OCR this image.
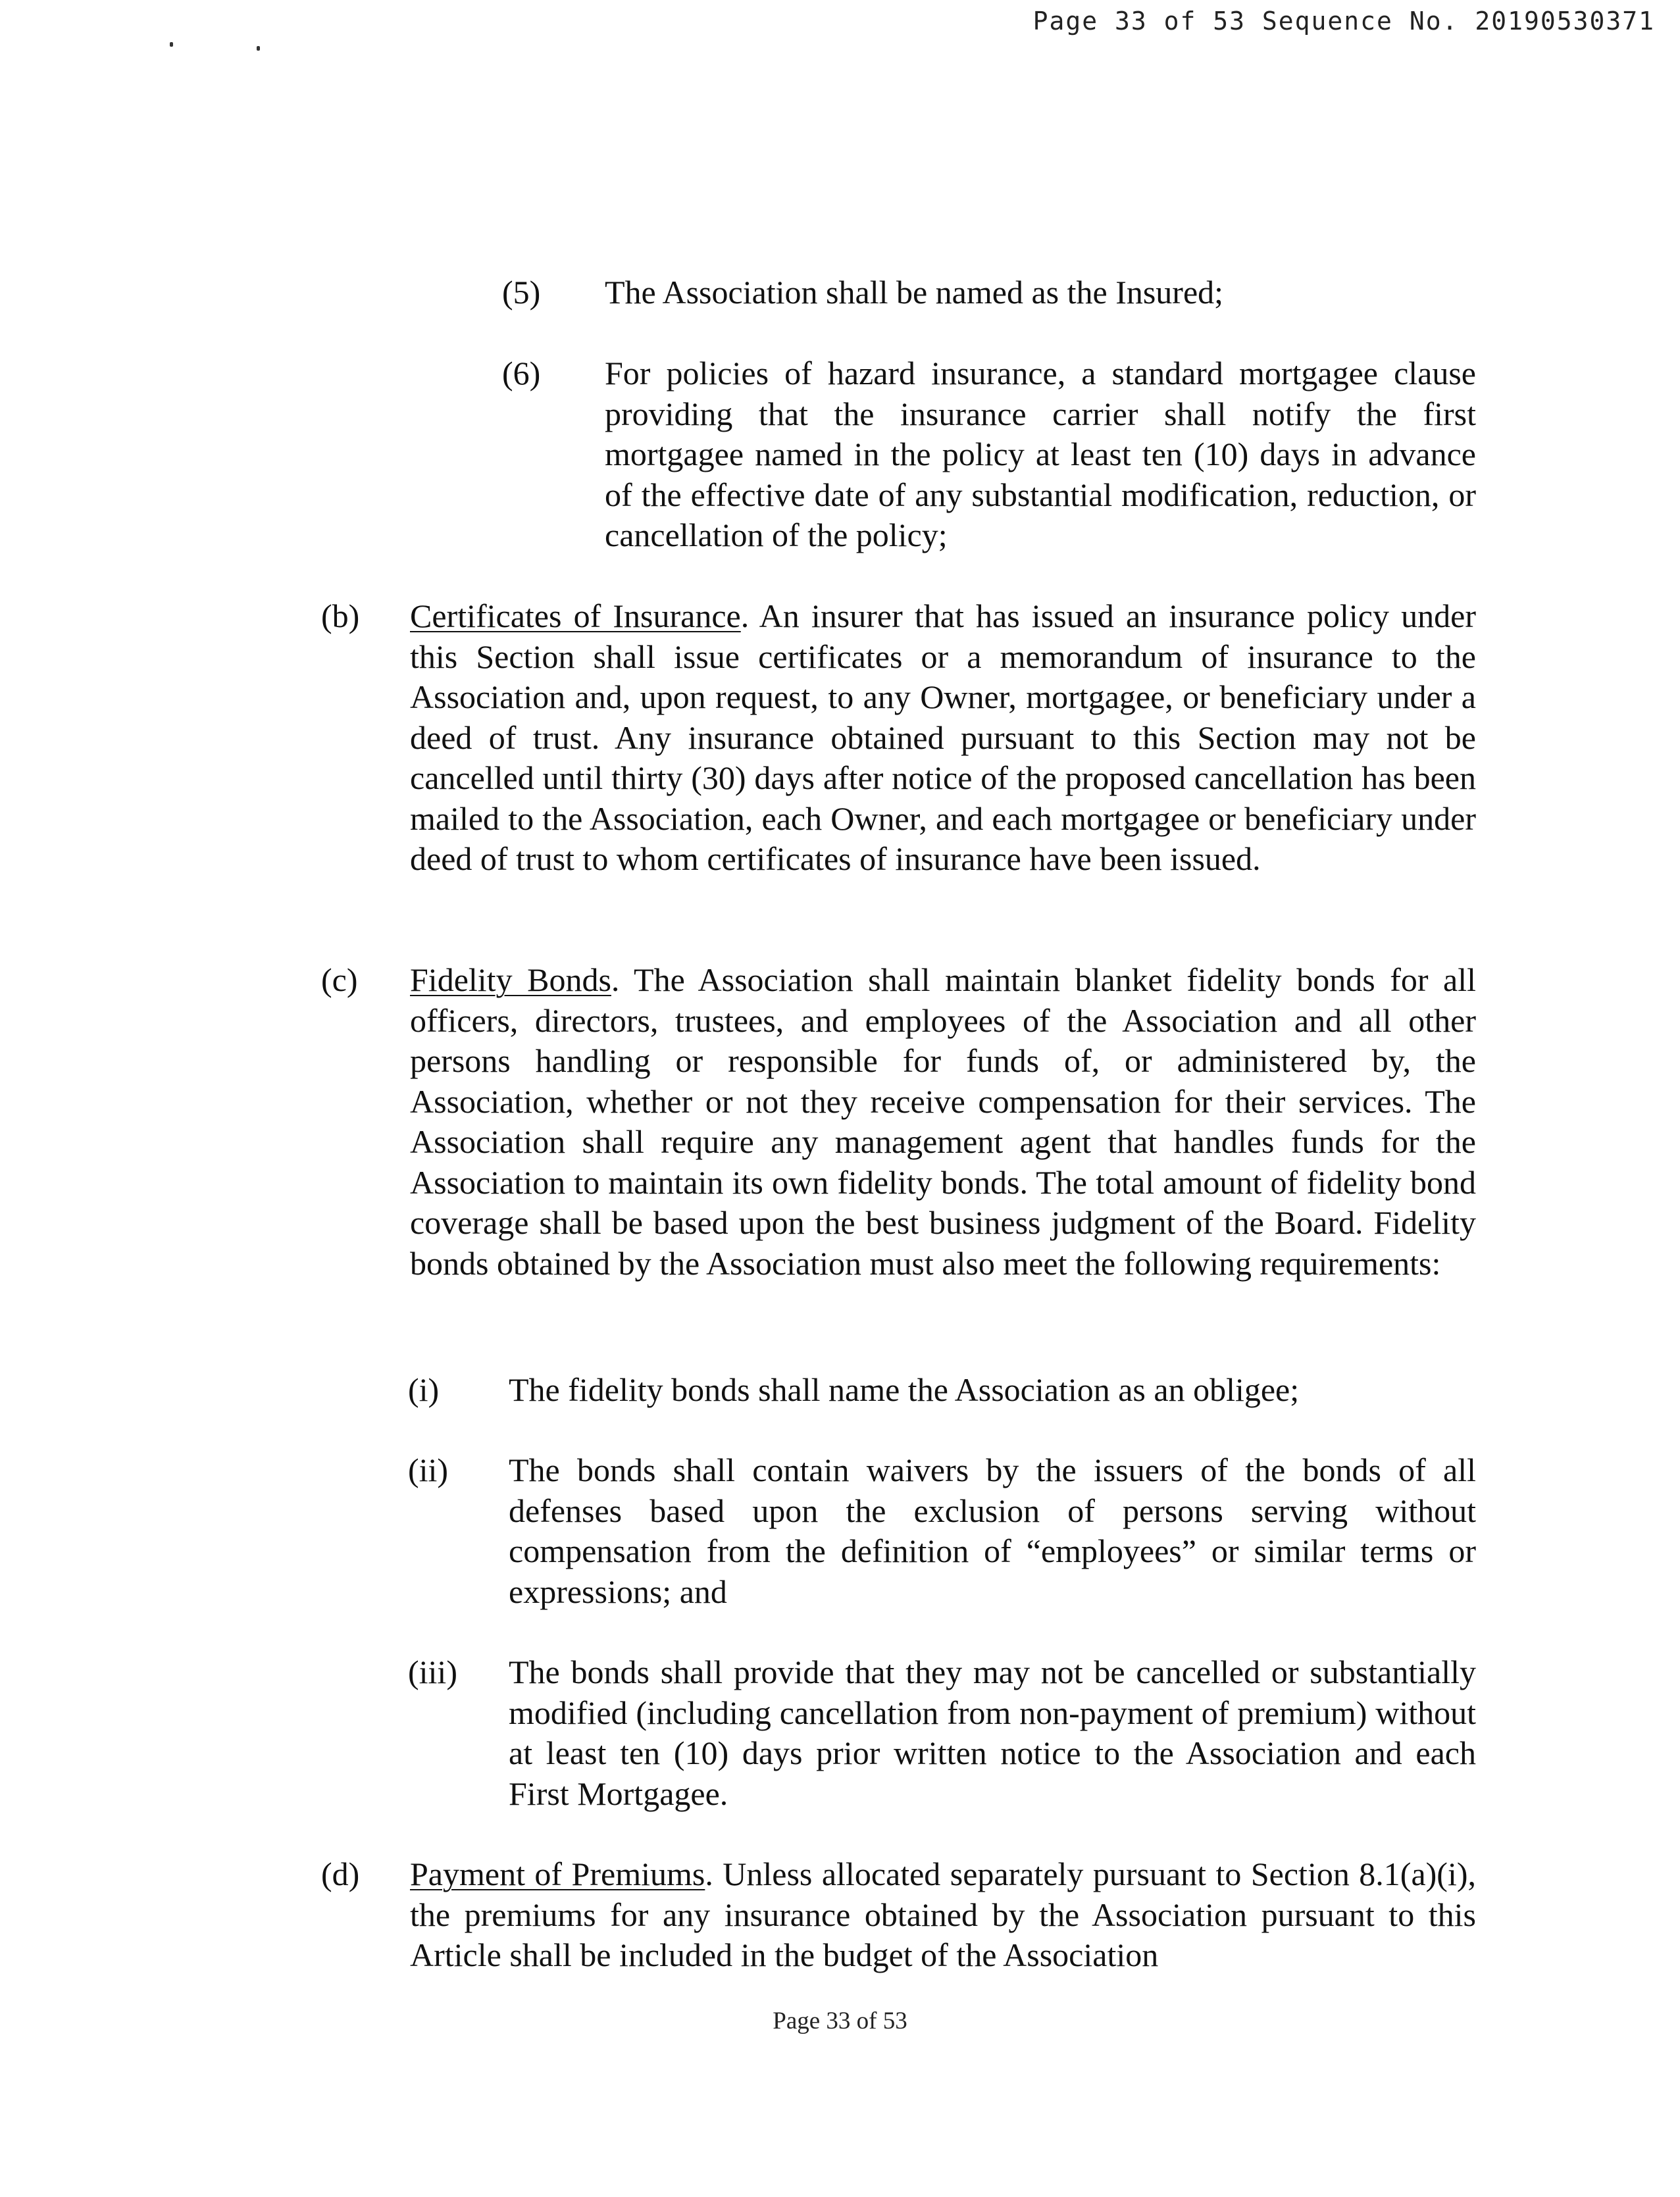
Page 33 of 53 Sequence No. 20190530371
(5) The Association shall be named as the Insured;
(6) For policies of hazard insurance, a standard mortgagee clause providing that the insurance carrier shall notify the first mortgagee named in the policy at least ten (10) days in advance of the effective date of any substantial modification, reduction, or cancellation of the policy;
(b) Certificates of Insurance. An insurer that has issued an insurance policy under this Section shall issue certificates or a memorandum of insurance to the Association and, upon request, to any Owner, mortgagee, or beneficiary under a deed of trust. Any insurance obtained pursuant to this Section may not be cancelled until thirty (30) days after notice of the proposed cancellation has been mailed to the Association, each Owner, and each mortgagee or beneficiary under deed of trust to whom certificates of insurance have been issued.
(c) Fidelity Bonds. The Association shall maintain blanket fidelity bonds for all officers, directors, trustees, and employees of the Association and all other persons handling or responsible for funds of, or administered by, the Association, whether or not they receive compensation for their services. The Association shall require any management agent that handles funds for the Association to maintain its own fidelity bonds. The total amount of fidelity bond coverage shall be based upon the best business judgment of the Board. Fidelity bonds obtained by the Association must also meet the following requirements:
(i) The fidelity bonds shall name the Association as an obligee;
(ii) The bonds shall contain waivers by the issuers of the bonds of all defenses based upon the exclusion of persons serving without compensation from the definition of “employees” or similar terms or expressions; and
(iii) The bonds shall provide that they may not be cancelled or substantially modified (including cancellation from non-payment of premium) without at least ten (10) days prior written notice to the Association and each First Mortgagee.
(d) Payment of Premiums. Unless allocated separately pursuant to Section 8.1(a)(i), the premiums for any insurance obtained by the Association pursuant to this Article shall be included in the budget of the Association
Page 33 of 53
